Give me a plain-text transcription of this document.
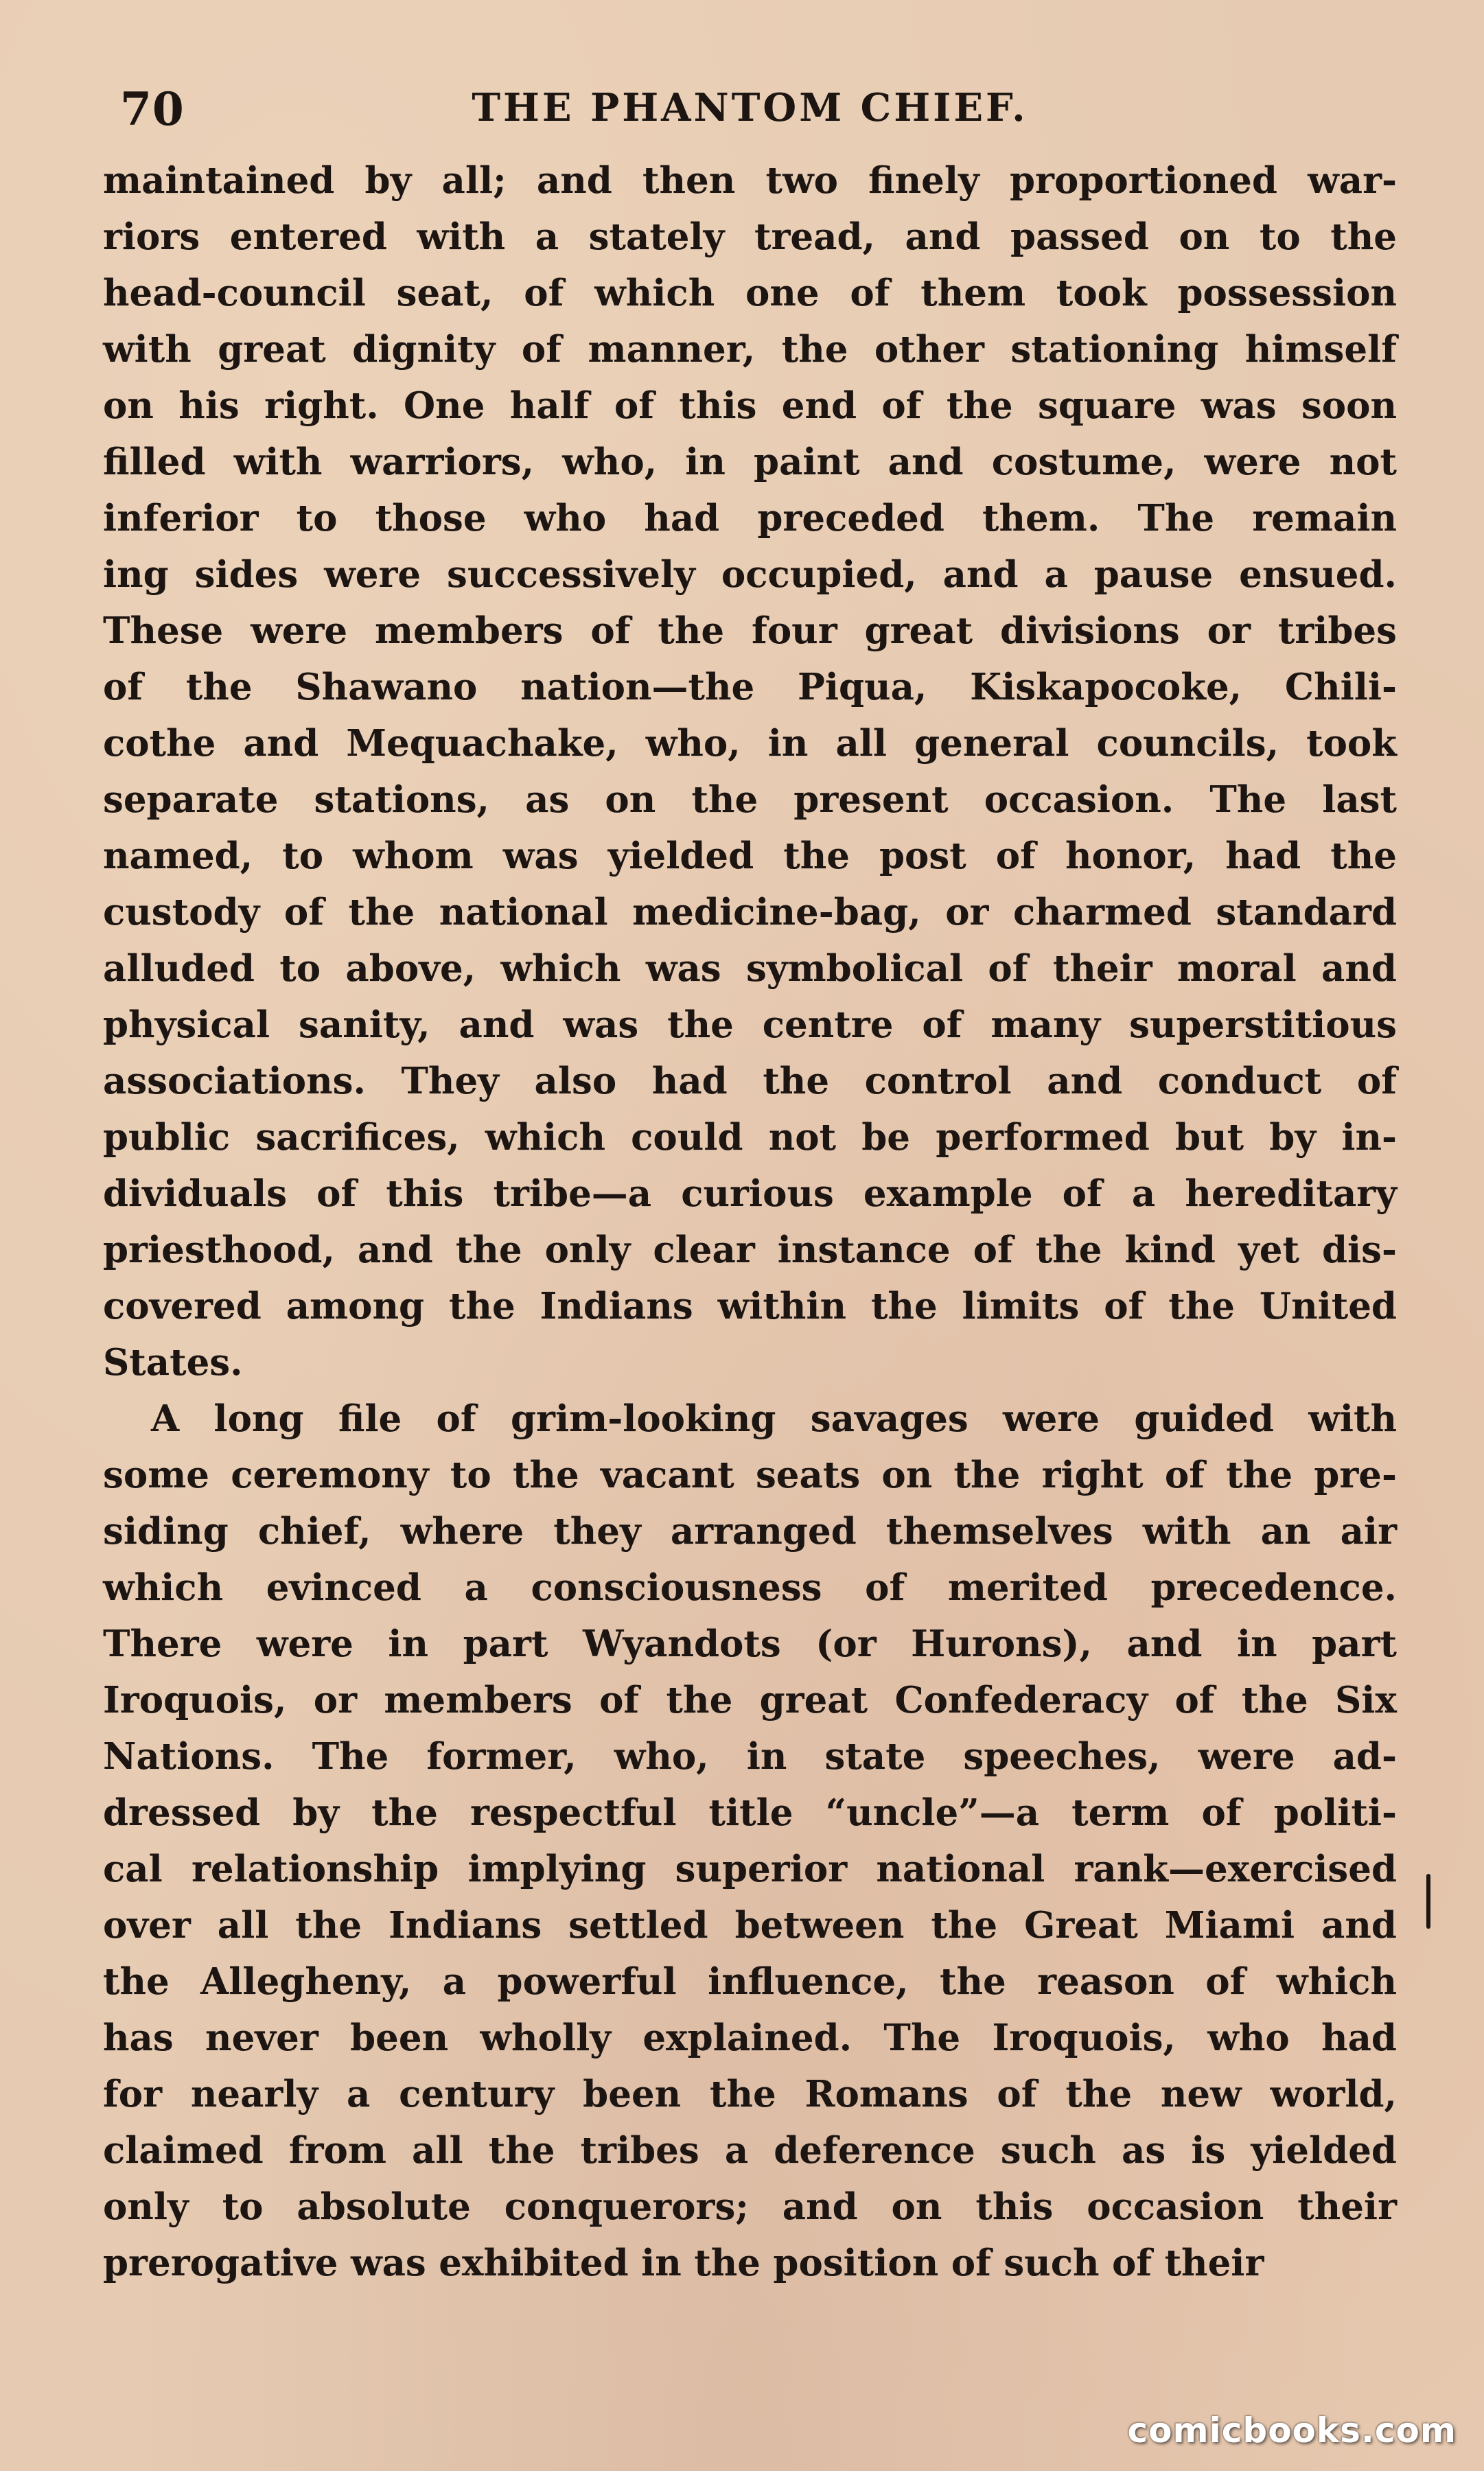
70	THE PHANTOM CHIEF.
maintained by all; and then two finely proportioned war-
riors entered with a stately tread, and passed on to the
head-council seat, of which one of them took possession
with great dignity of manner, the other stationing himself
on his right. One half of this end of the square was soon
filled with warriors, who, in paint and costume, were not
inferior to those who had preceded them. The remain
ing sides were successively occupied, and a pause ensued.
These were members of the four great divisions or tribes
of the Shawano nation—the Piqua, Kiskapocoke, Chili-
cothe and Mequachake, who, in all general councils, took
separate stations, as on the present occasion. The last
named, to whom was yielded the post of honor, had the
custody of the national medicine-bag, or charmed standard
alluded to above, which was symbolical of their moral and
physical sanity, and was the centre of many superstitious
associations. They also had the control and conduct of
public sacrifices, which could not be performed but by in-
dividuals of this tribe—a curious example of a hereditary
priesthood, and the only clear instance of the kind yet dis-
covered among the Indians within the limits of the United
States.
A long file of grim-looking savages were guided with
some ceremony to the vacant seats on the right of the pre-
siding chief, where they arranged themselves with an air
which evinced a consciousness of merited precedence.
There were in part Wyandots (or Hurons), and in part
Iroquois, or members of the great Confederacy of the Six
Nations. The former, who, in state speeches, were ad-
dressed by the respectful title “uncle”—a term of politi-
cal relationship implying superior national rank—exercised
over all the Indians settled between the Great Miami and
the Allegheny, a powerful influence, the reason of which
has never been wholly explained. The Iroquois, who had
for nearly a century been the Romans of the new world,
claimed from all the tribes a deference such as is yielded
only to absolute conquerors; and on this occasion their
prerogative was exhibited in the position of such of their
comicbooks.com
